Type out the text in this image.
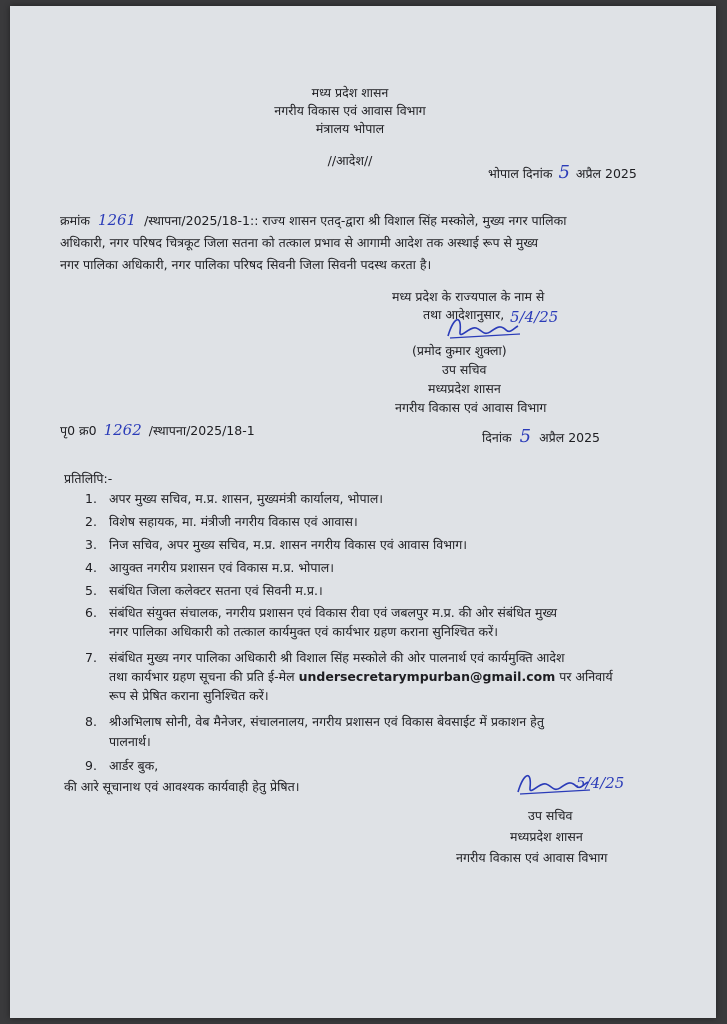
मध्य प्रदेश शासन
नगरीय विकास एवं आवास विभाग
मंत्रालय भोपाल
//आदेश//
भोपाल दिनांक 5 अप्रैल 2025
क्रमांक 1261 /स्थापना/2025/18-1:: राज्य शासन एतद्-द्वारा श्री विशाल सिंह मस्कोले, मुख्य नगर पालिका
अधिकारी, नगर परिषद चित्रकूट जिला सतना को तत्काल प्रभाव से आगामी आदेश तक अस्थाई रूप से मुख्य
नगर पालिका अधिकारी, नगर पालिका परिषद सिवनी जिला सिवनी पदस्थ करता है।
मध्य प्रदेश के राज्यपाल के नाम से
तथा आदेशानुसार, 5/4/25
(प्रमोद कुमार शुक्ला)
उप सचिव
मध्यप्रदेश शासन
नगरीय विकास एवं आवास विभाग
पृ0 क्र0 1262 /स्थापना/2025/18-1	दिनांक 5 अप्रैल 2025
प्रतिलिपि:-
1. अपर मुख्य सचिव, म.प्र. शासन, मुख्यमंत्री कार्यालय, भोपाल।
2. विशेष सहायक, मा. मंत्रीजी नगरीय विकास एवं आवास।
3. निज सचिव, अपर मुख्य सचिव, म.प्र. शासन नगरीय विकास एवं आवास विभाग।
4. आयुक्त नगरीय प्रशासन एवं विकास म.प्र. भोपाल।
5. सबंधित जिला कलेक्टर सतना एवं सिवनी म.प्र.।
6. संबंधित संयुक्त संचालक, नगरीय प्रशासन एवं विकास रीवा एवं जबलपुर म.प्र. की ओर संबंधित मुख्य
नगर पालिका अधिकारी को तत्काल कार्यमुक्त एवं कार्यभार ग्रहण कराना सुनिश्चित करें।
7. संबंधित मुख्य नगर पालिका अधिकारी श्री विशाल सिंह मस्कोले की ओर पालनार्थ एवं कार्यमुक्ति आदेश
तथा कार्यभार ग्रहण सूचना की प्रति ई-मेल undersecretarympurban@gmail.com पर अनिवार्य
रूप से प्रेषित कराना सुनिश्चित करें।
8. श्रीअभिलाष सोनी, वेब मैनेजर, संचालनालय, नगरीय प्रशासन एवं विकास बेवसाईट में प्रकाशन हेतु
पालनार्थ।
9. आर्डर बुक,
की आरे सूचानाथ एवं आवश्यक कार्यवाही हेतु प्रेषित।	5/4/25
उप सचिव
मध्यप्रदेश शासन
नगरीय विकास एवं आवास विभाग
